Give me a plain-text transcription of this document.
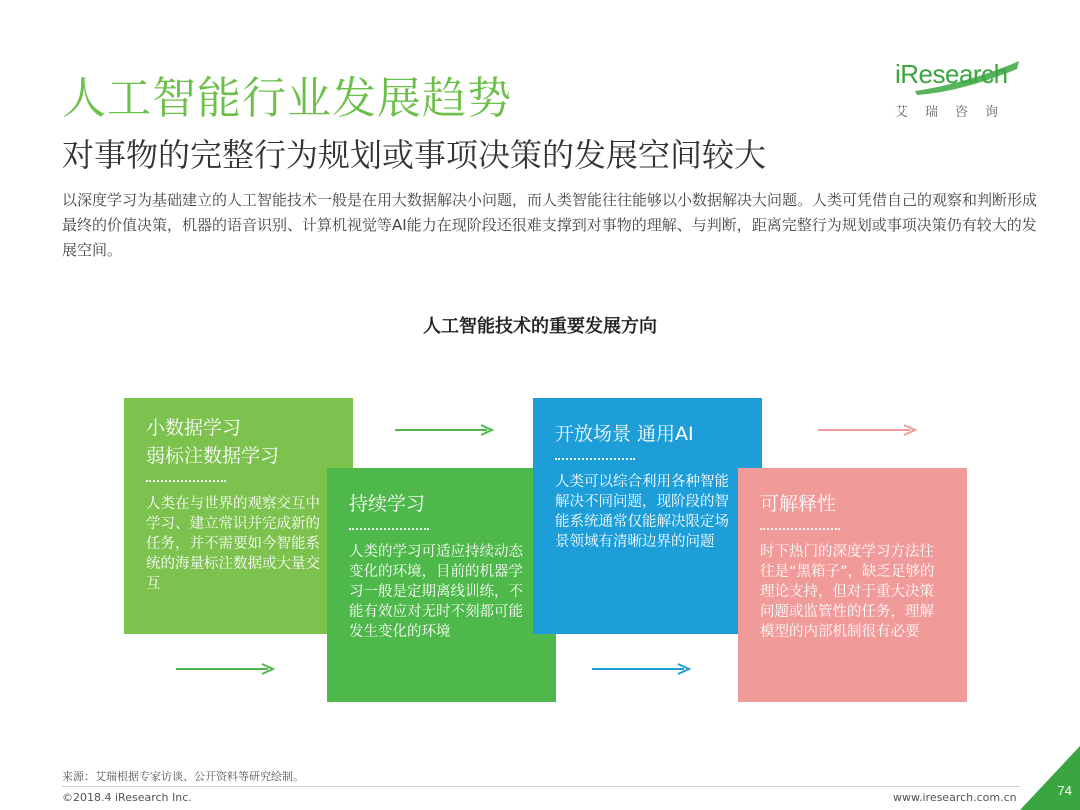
人工智能行业发展趋势
对事物的完整行为规划或事项决策的发展空间较大
以深度学习为基础建立的人工智能技术一般是在用大数据解决小问题，而人类智能往往能够以小数据解决大问题。人类可凭借自己的观察和判断形成最终的价值决策，机器的语音识别、计算机视觉等AI能力在现阶段还很难支撑到对事物的理解、与判断，距离完整行为规划或事项决策仍有较大的发展空间。
iResearch
艾瑞咨询
人工智能技术的重要发展方向
小数据学习
弱标注数据学习
人类在与世界的观察交互中学习、建立常识并完成新的任务，并不需要如今智能系统的海量标注数据或大量交互
持续学习
人类的学习可适应持续动态变化的环境，目前的机器学习一般是定期离线训练，不能有效应对无时不刻都可能发生变化的环境
开放场景 通用AI
人类可以综合利用各种智能解决不同问题，现阶段的智能系统通常仅能解决限定场景领域有清晰边界的问题
可解释性
时下热门的深度学习方法往往是“黑箱子”，缺乏足够的理论支持，但对于重大决策问题或监管性的任务，理解模型的内部机制很有必要
来源：艾瑞根据专家访谈、公开资料等研究绘制。
©2018.4 iResearch Inc.	www.iresearch.com.cn	74
